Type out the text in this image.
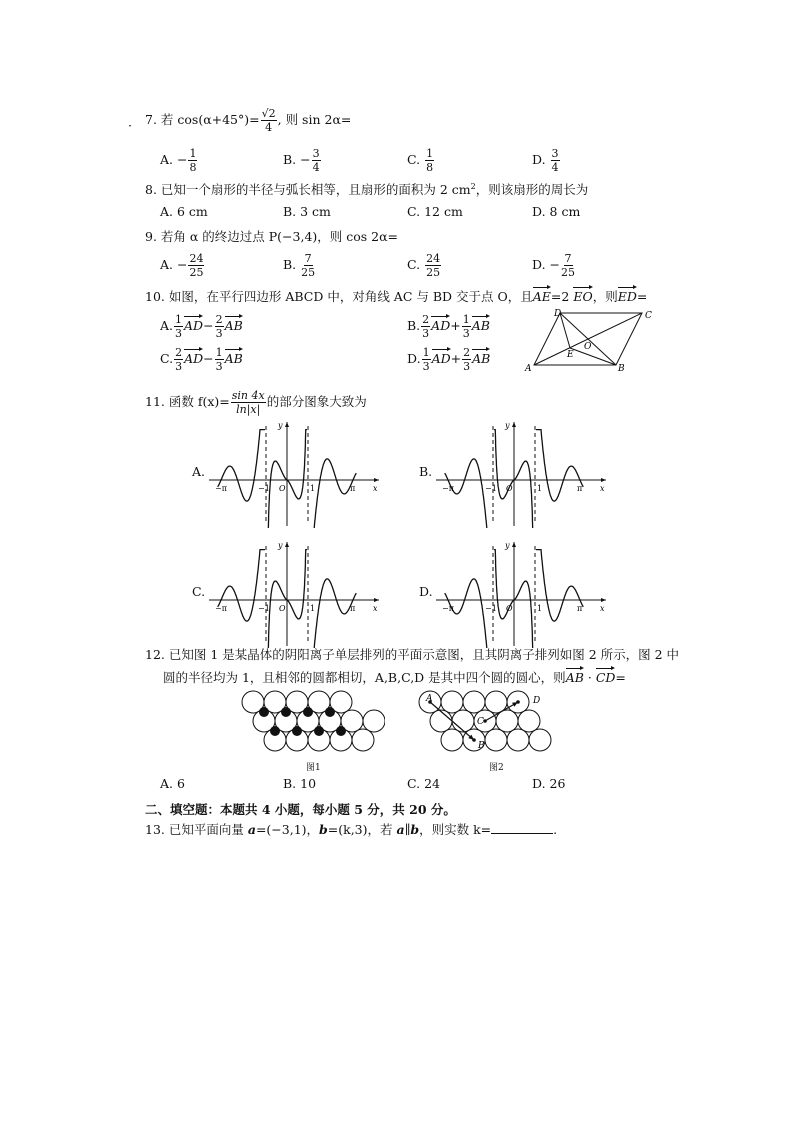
· 7. 若 $\cos(\alpha+45^\circ)= \frac{√2}{4}$ , 则 sin 2α=
A. − $\frac{1}{8}$	B. − $\frac{3}{4}$	C. $\frac{1}{8}$	D. $\frac{3}{4}$
8. 已知一个扇形的半径与弧长相等，且扇形的面积为 2 $cm^2$，则该扇形的周长为
A. 6 cm	B. 3 cm	C. 12 cm	D. 8 cm
9. 若角 α 的终边过点 P(−3,4)，则 cos 2α=
A. − $\frac{24}{25}$	B. $\frac{7}{25}$	C. $\frac{24}{25}$	D. − $\frac{7}{25}$
10. 如图，在平行四边形 ABCD 中，对角线 AC 与 BD 交于点 O，且AE=2 EO，则ED=
A. $\frac{1}{3} AD- \frac{2}{3}$ AB	B. $\frac{2}{3} AD+ \frac{1}{3}$ AB
C. $\frac{2}{3} AD- \frac{1}{3}$ AB	D. $\frac{1}{3} AD+ \frac{2}{3}$ AB
D	C
O
E
A	B
11. 函数 $f(x)= \frac{\sin 4x}{\ln|x|}$ 的部分图象大致为
A.
y
x
O
−π	−1	1	π
B.
y
x
O
−π	−1	1	π
C.
y
x
O
−π	−1	1	π
D.
y
x
O
−π	−1	1	π
12. 已知图 1 是某晶体的阴阳离子单层排列的平面示意图，且其阴离子排列如图 2 所示，图 2 中
圆的半径均为 1，且相邻的圆都相切，A,B,C,D 是其中四个圆的圆心，则AB · CD=
图1
A	D
C
B
图2
A. 6	B. 10	C. 24	D. 26
二、填空题：本题共 4 小题，每小题 5 分，共 20 分。
13. 已知平面向量 a=(−3,1)，b=(k,3)，若 a∥b，则实数 k=	.
